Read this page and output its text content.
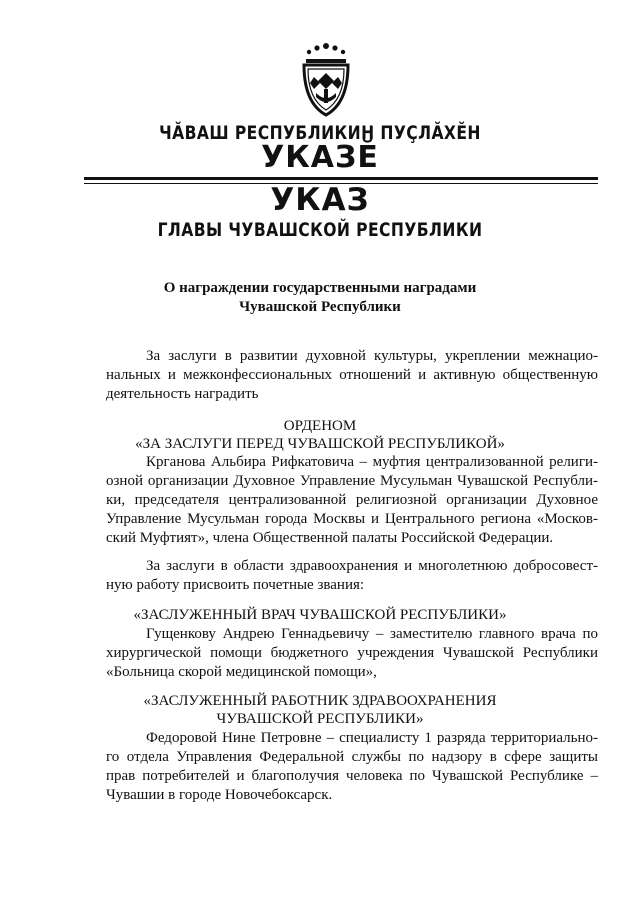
ЧĂВАШ РЕСПУБЛИКИН ПУÇЛĂХĔН
УКАЗĔ
УКАЗ
ГЛАВЫ ЧУВАШСКОЙ РЕСПУБЛИКИ
О награждении государственными наградами
Чувашской Республики
За заслуги в развитии духовной культуры, укреплении межнацио-
нальных и межконфессиональных отношений и активную общественную
деятельность наградить
ОРДЕНОМ
«ЗА ЗАСЛУГИ ПЕРЕД ЧУВАШСКОЙ РЕСПУБЛИКОЙ»
Крганова Альбира Рифкатовича – муфтия централизованной религи-
озной организации Духовное Управление Мусульман Чувашской Республи-
ки, председателя централизованной религиозной организации Духовное
Управление Мусульман города Москвы и Центрального региона «Москов-
ский Муфтият», члена Общественной палаты Российской Федерации.
За заслуги в области здравоохранения и многолетнюю добросовест-
ную работу присвоить почетные звания:
«ЗАСЛУЖЕННЫЙ ВРАЧ ЧУВАШСКОЙ РЕСПУБЛИКИ»
Гущенкову Андрею Геннадьевичу – заместителю главного врача по
хирургической помощи бюджетного учреждения Чувашской Республики
«Больница скорой медицинской помощи»,
«ЗАСЛУЖЕННЫЙ РАБОТНИК ЗДРАВООХРАНЕНИЯ
ЧУВАШСКОЙ РЕСПУБЛИКИ»
Федоровой Нине Петровне – специалисту 1 разряда территориально-
го отдела Управления Федеральной службы по надзору в сфере защиты
прав потребителей и благополучия человека по Чувашской Республике –
Чувашии в городе Новочебоксарск.
